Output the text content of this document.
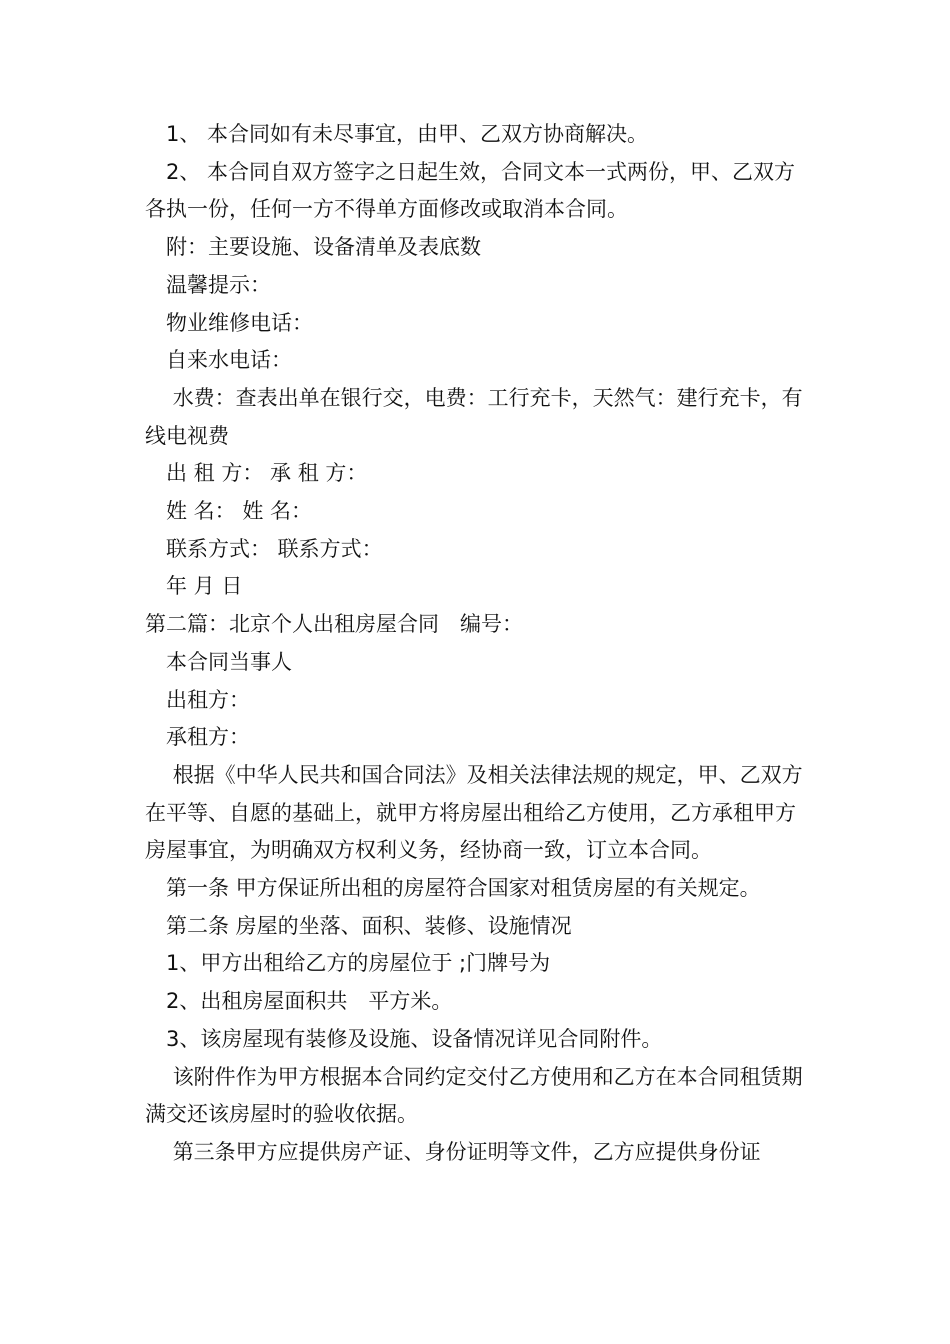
1、 本合同如有未尽事宜，由甲、乙双方协商解决。

2、 本合同自双方签字之日起生效，合同文本一式两份，甲、乙双方各执一份，任何一方不得单方面修改或取消本合同。

附：主要设施、设备清单及表底数

温馨提示：

物业维修电话：

自来水电话：

水费：查表出单在银行交，电费：工行充卡，天然气：建行充卡，有线电视费

出 租 方： 承 租 方：

姓 名： 姓 名：

联系方式： 联系方式：

年 月 日

第二篇：北京个人出租房屋合同　编号：

本合同当事人

出租方：

承租方：

根据《中华人民共和国合同法》及相关法律法规的规定，甲、乙双方在平等、自愿的基础上，就甲方将房屋出租给乙方使用，乙方承租甲方房屋事宜，为明确双方权利义务，经协商一致，订立本合同。

第一条 甲方保证所出租的房屋符合国家对租赁房屋的有关规定。

第二条 房屋的坐落、面积、装修、设施情况

1、甲方出租给乙方的房屋位于 ;门牌号为

2、出租房屋面积共　平方米。

3、该房屋现有装修及设施、设备情况详见合同附件。

该附件作为甲方根据本合同约定交付乙方使用和乙方在本合同租赁期满交还该房屋时的验收依据。

第三条甲方应提供房产证、身份证明等文件，乙方应提供身份证
